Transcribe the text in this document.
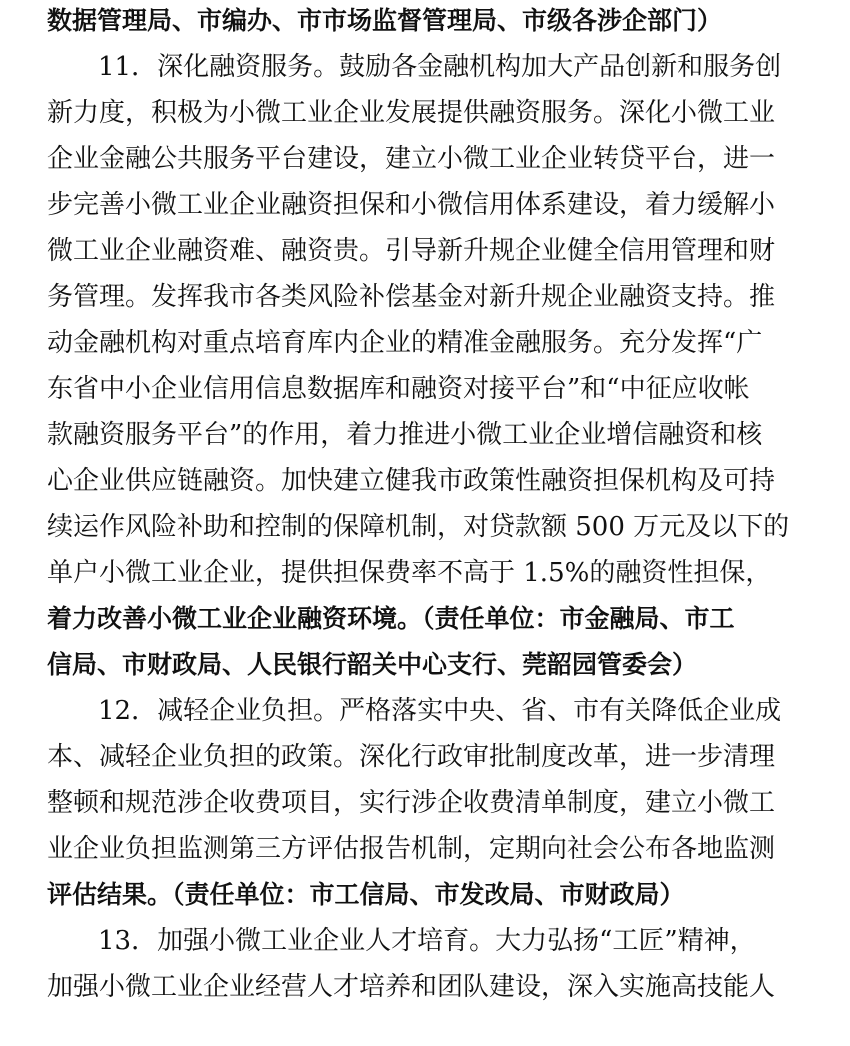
数据管理局、市编办、市市场监督管理局、市级各涉企部门）
11．深化融资服务。鼓励各金融机构加大产品创新和服务创
新力度，积极为小微工业企业发展提供融资服务。深化小微工业
企业金融公共服务平台建设，建立小微工业企业转贷平台，进一
步完善小微工业企业融资担保和小微信用体系建设，着力缓解小
微工业企业融资难、融资贵。引导新升规企业健全信用管理和财
务管理。发挥我市各类风险补偿基金对新升规企业融资支持。推
动金融机构对重点培育库内企业的精准金融服务。充分发挥“广
东省中小企业信用信息数据库和融资对接平台”和“中征应收帐
款融资服务平台”的作用，着力推进小微工业企业增信融资和核
心企业供应链融资。加快建立健我市政策性融资担保机构及可持
续运作风险补助和控制的保障机制，对贷款额 500 万元及以下的
单户小微工业企业，提供担保费率不高于 1.5%的融资性担保，
着力改善小微工业企业融资环境。（责任单位：市金融局、市工
信局、市财政局、人民银行韶关中心支行、莞韶园管委会）
12．减轻企业负担。严格落实中央、省、市有关降低企业成
本、减轻企业负担的政策。深化行政审批制度改革，进一步清理
整顿和规范涉企收费项目，实行涉企收费清单制度，建立小微工
业企业负担监测第三方评估报告机制，定期向社会公布各地监测
评估结果。（责任单位：市工信局、市发改局、市财政局）
13．加强小微工业企业人才培育。大力弘扬“工匠”精神，
加强小微工业企业经营人才培养和团队建设，深入实施高技能人
